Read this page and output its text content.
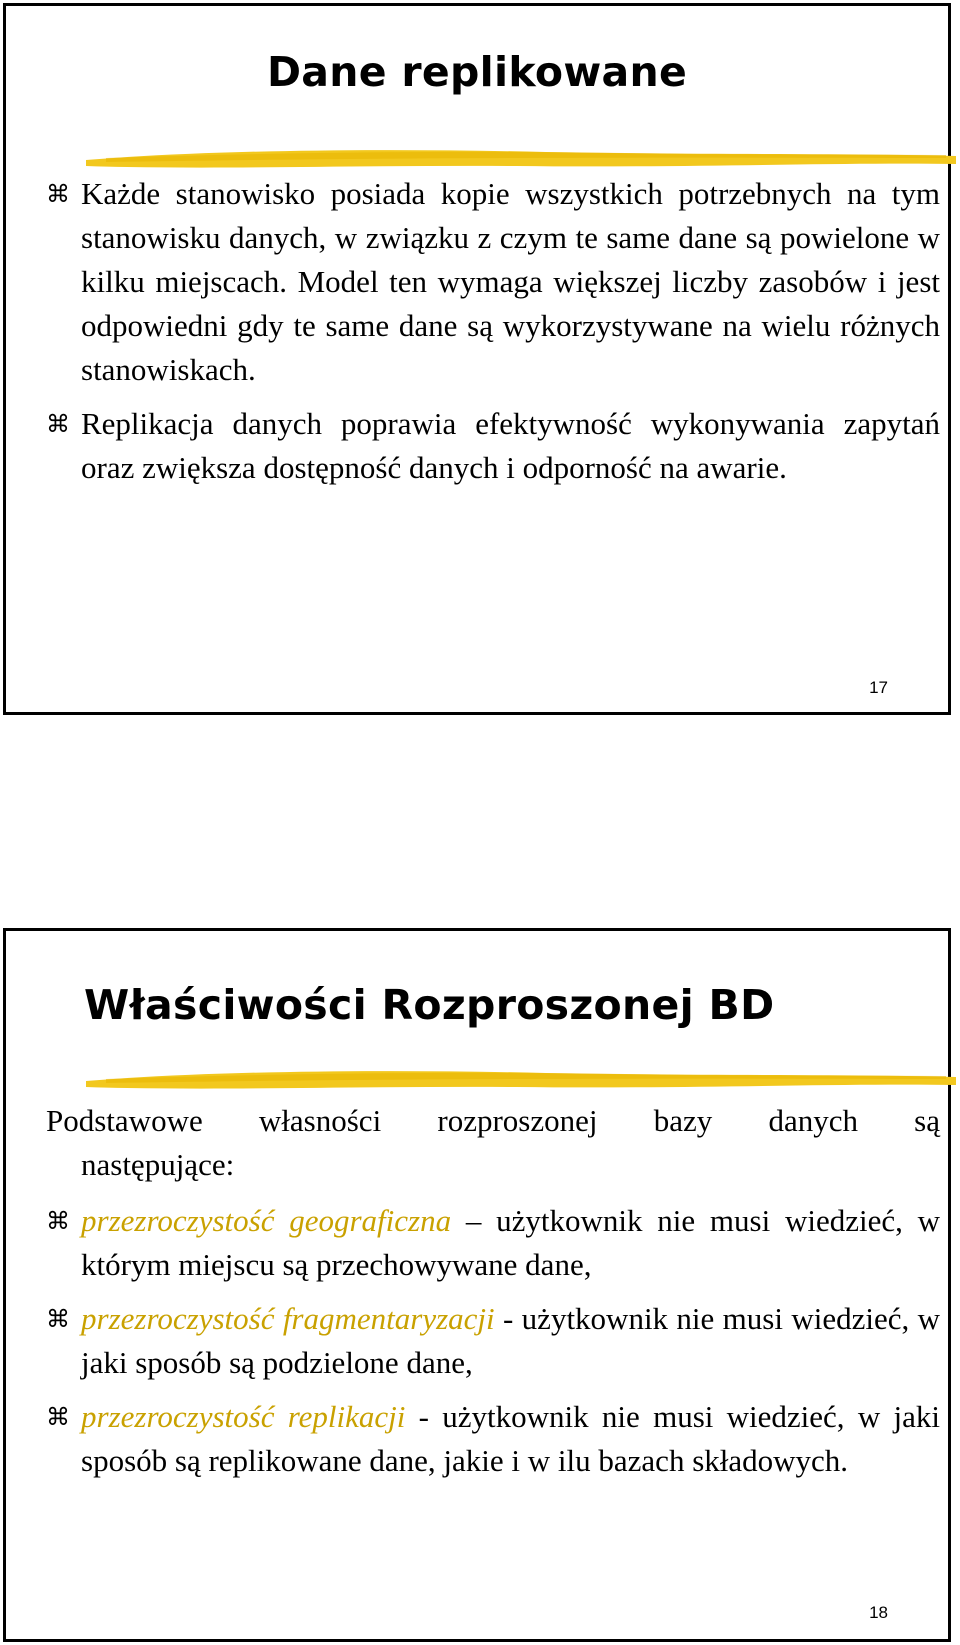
Dane replikowane

⌘ Każde stanowisko posiada kopie wszystkich potrzebnych na tym stanowisku danych, w związku z czym te same dane są powielone w kilku miejscach. Model ten wymaga większej liczby zasobów i jest odpowiedni gdy te same dane są wykorzystywane na wielu różnych stanowiskach.

⌘ Replikacja danych poprawia efektywność wykonywania zapytań oraz zwiększa dostępność danych i odporność na awarie.

17
Właściwości Rozproszonej BD

Podstawowe własności rozproszonej bazy danych są
następujące:

⌘ przezroczystość geograficzna – użytkownik nie musi wiedzieć, w którym miejscu są przechowywane dane,

⌘ przezroczystość fragmentaryzacji - użytkownik nie musi wiedzieć, w jaki sposób są podzielone dane,

⌘ przezroczystość replikacji - użytkownik nie musi wiedzieć, w jaki sposób są replikowane dane, jakie i w ilu bazach składowych.

18
